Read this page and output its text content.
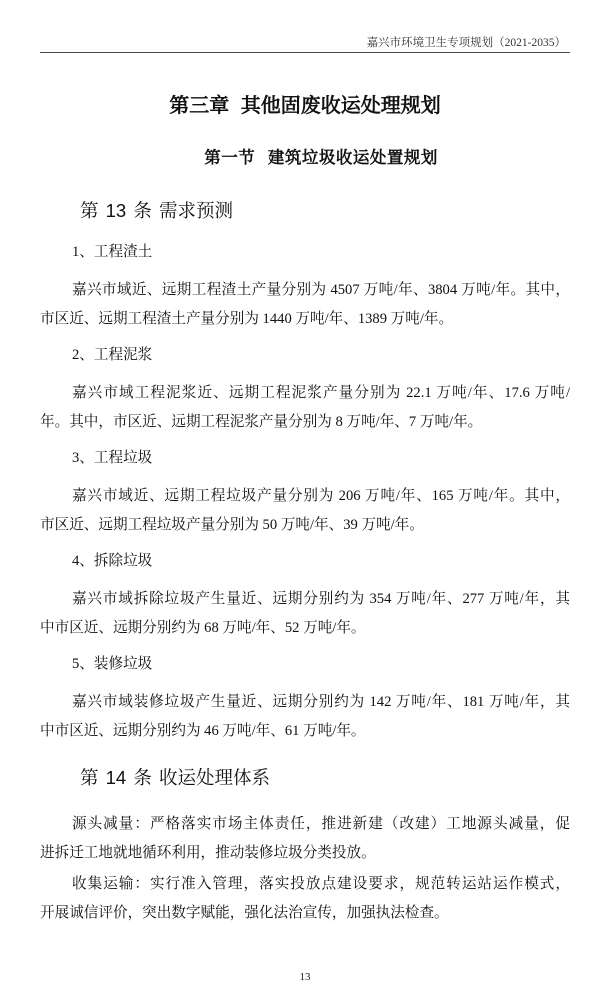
嘉兴市环境卫生专项规划（2021-2035）
第三章 其他固废收运处理规划
第一节 建筑垃圾收运处置规划
第 13 条 需求预测
1、工程渣土
嘉兴市域近、远期工程渣土产量分别为 4507 万吨/年、3804 万吨/年。其中，
市区近、远期工程渣土产量分别为 1440 万吨/年、1389 万吨/年。
2、工程泥浆
嘉兴市域工程泥浆近、远期工程泥浆产量分别为 22.1 万吨/年、17.6 万吨/
年。其中，市区近、远期工程泥浆产量分别为 8 万吨/年、7 万吨/年。
3、工程垃圾
嘉兴市域近、远期工程垃圾产量分别为 206 万吨/年、165 万吨/年。其中，
市区近、远期工程垃圾产量分别为 50 万吨/年、39 万吨/年。
4、拆除垃圾
嘉兴市域拆除垃圾产生量近、远期分别约为 354 万吨/年、277 万吨/年，其
中市区近、远期分别约为 68 万吨/年、52 万吨/年。
5、装修垃圾
嘉兴市域装修垃圾产生量近、远期分别约为 142 万吨/年、181 万吨/年，其
中市区近、远期分别约为 46 万吨/年、61 万吨/年。
第 14 条 收运处理体系
源头减量：严格落实市场主体责任，推进新建（改建）工地源头减量，促
进拆迁工地就地循环利用，推动装修垃圾分类投放。
收集运输：实行准入管理，落实投放点建设要求，规范转运站运作模式，
开展诚信评价，突出数字赋能，强化法治宣传，加强执法检查。
13
